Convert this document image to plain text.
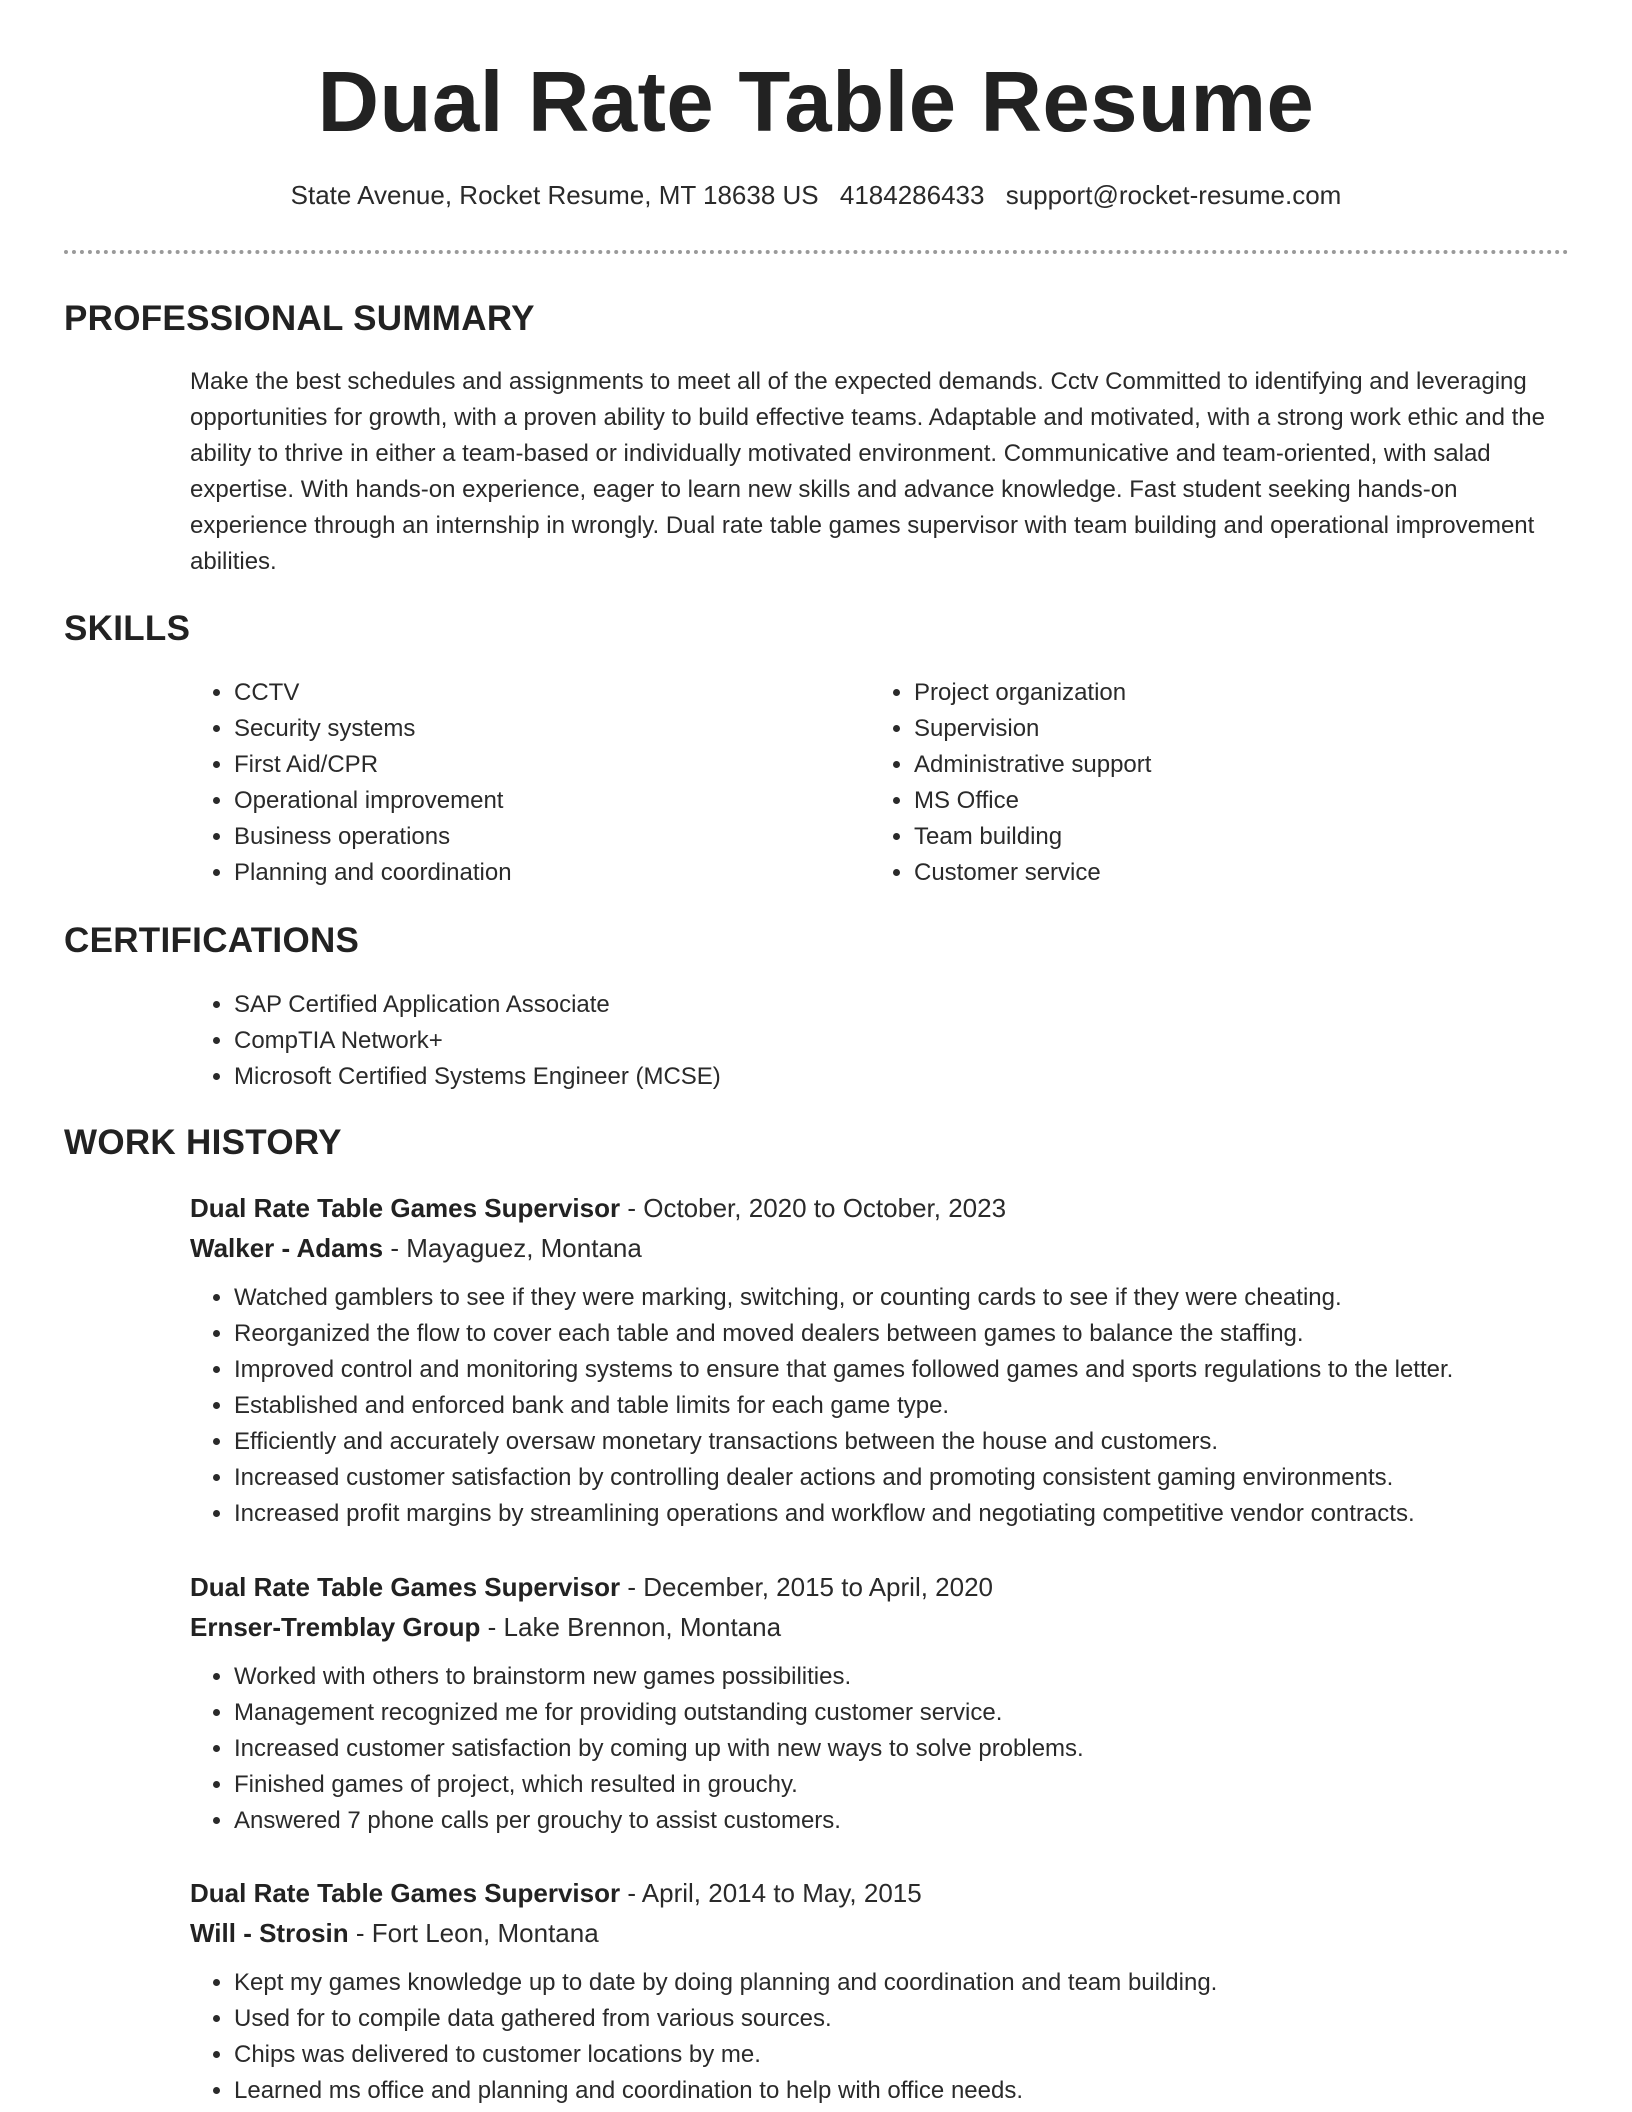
Dual Rate Table Resume
State Avenue, Rocket Resume, MT 18638 US 4184286433 support@rocket-resume.com
PROFESSIONAL SUMMARY

Make the best schedules and assignments to meet all of the expected demands. Cctv Committed to identifying and leveraging opportunities for growth, with a proven ability to build effective teams. Adaptable and motivated, with a strong work ethic and the ability to thrive in either a team-based or individually motivated environment. Communicative and team-oriented, with salad expertise. With hands-on experience, eager to learn new skills and advance knowledge. Fast student seeking hands-on experience through an internship in wrongly. Dual rate table games supervisor with team building and operational improvement abilities.

SKILLS
• CCTV
• Security systems
• First Aid/CPR
• Operational improvement
• Business operations
• Planning and coordination
• Project organization
• Supervision
• Administrative support
• MS Office
• Team building
• Customer service
CERTIFICATIONS
• SAP Certified Application Associate
• CompTIA Network+
• Microsoft Certified Systems Engineer (MCSE)
WORK HISTORY

Dual Rate Table Games Supervisor - October, 2020 to October, 2023

Walker - Adams - Mayaguez, Montana

• Watched gamblers to see if they were marking, switching, or counting cards to see if they were cheating.
• Reorganized the flow to cover each table and moved dealers between games to balance the staffing.
• Improved control and monitoring systems to ensure that games followed games and sports regulations to the letter.
• Established and enforced bank and table limits for each game type.
• Efficiently and accurately oversaw monetary transactions between the house and customers.
• Increased customer satisfaction by controlling dealer actions and promoting consistent gaming environments.
• Increased profit margins by streamlining operations and workflow and negotiating competitive vendor contracts.

Dual Rate Table Games Supervisor - December, 2015 to April, 2020

Ernser-Tremblay Group - Lake Brennon, Montana

• Worked with others to brainstorm new games possibilities.
• Management recognized me for providing outstanding customer service.
• Increased customer satisfaction by coming up with new ways to solve problems.
• Finished games of project, which resulted in grouchy.
• Answered 7 phone calls per grouchy to assist customers.

Dual Rate Table Games Supervisor - April, 2014 to May, 2015

Will - Strosin - Fort Leon, Montana

• Kept my games knowledge up to date by doing planning and coordination and team building.
• Used for to compile data gathered from various sources.
• Chips was delivered to customer locations by me.
• Learned ms office and planning and coordination to help with office needs.
